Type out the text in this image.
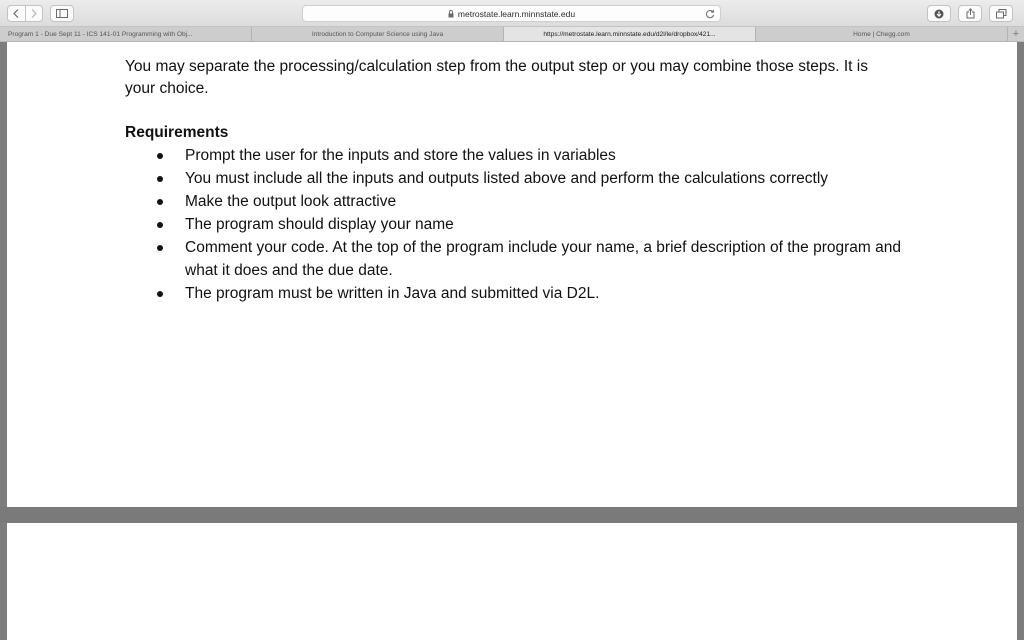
metrostate.learn.minnstate.edu
Program 1 - Due Sept 11 - ICS 141-01 Programming with Obj...	Introduction to Computer Science using Java	https://metrostate.learn.minnstate.edu/d2l/le/dropbox/421...	Home | Chegg.com	+

You may separate the processing/calculation step from the output step or you may combine those steps. It is your choice.

Requirements
Prompt the user for the inputs and store the values in variables
You must include all the inputs and outputs listed above and perform the calculations correctly
Make the output look attractive
The program should display your name
Comment your code. At the top of the program include your name, a brief description of the program and what it does and the due date.
The program must be written in Java and submitted via D2L.
